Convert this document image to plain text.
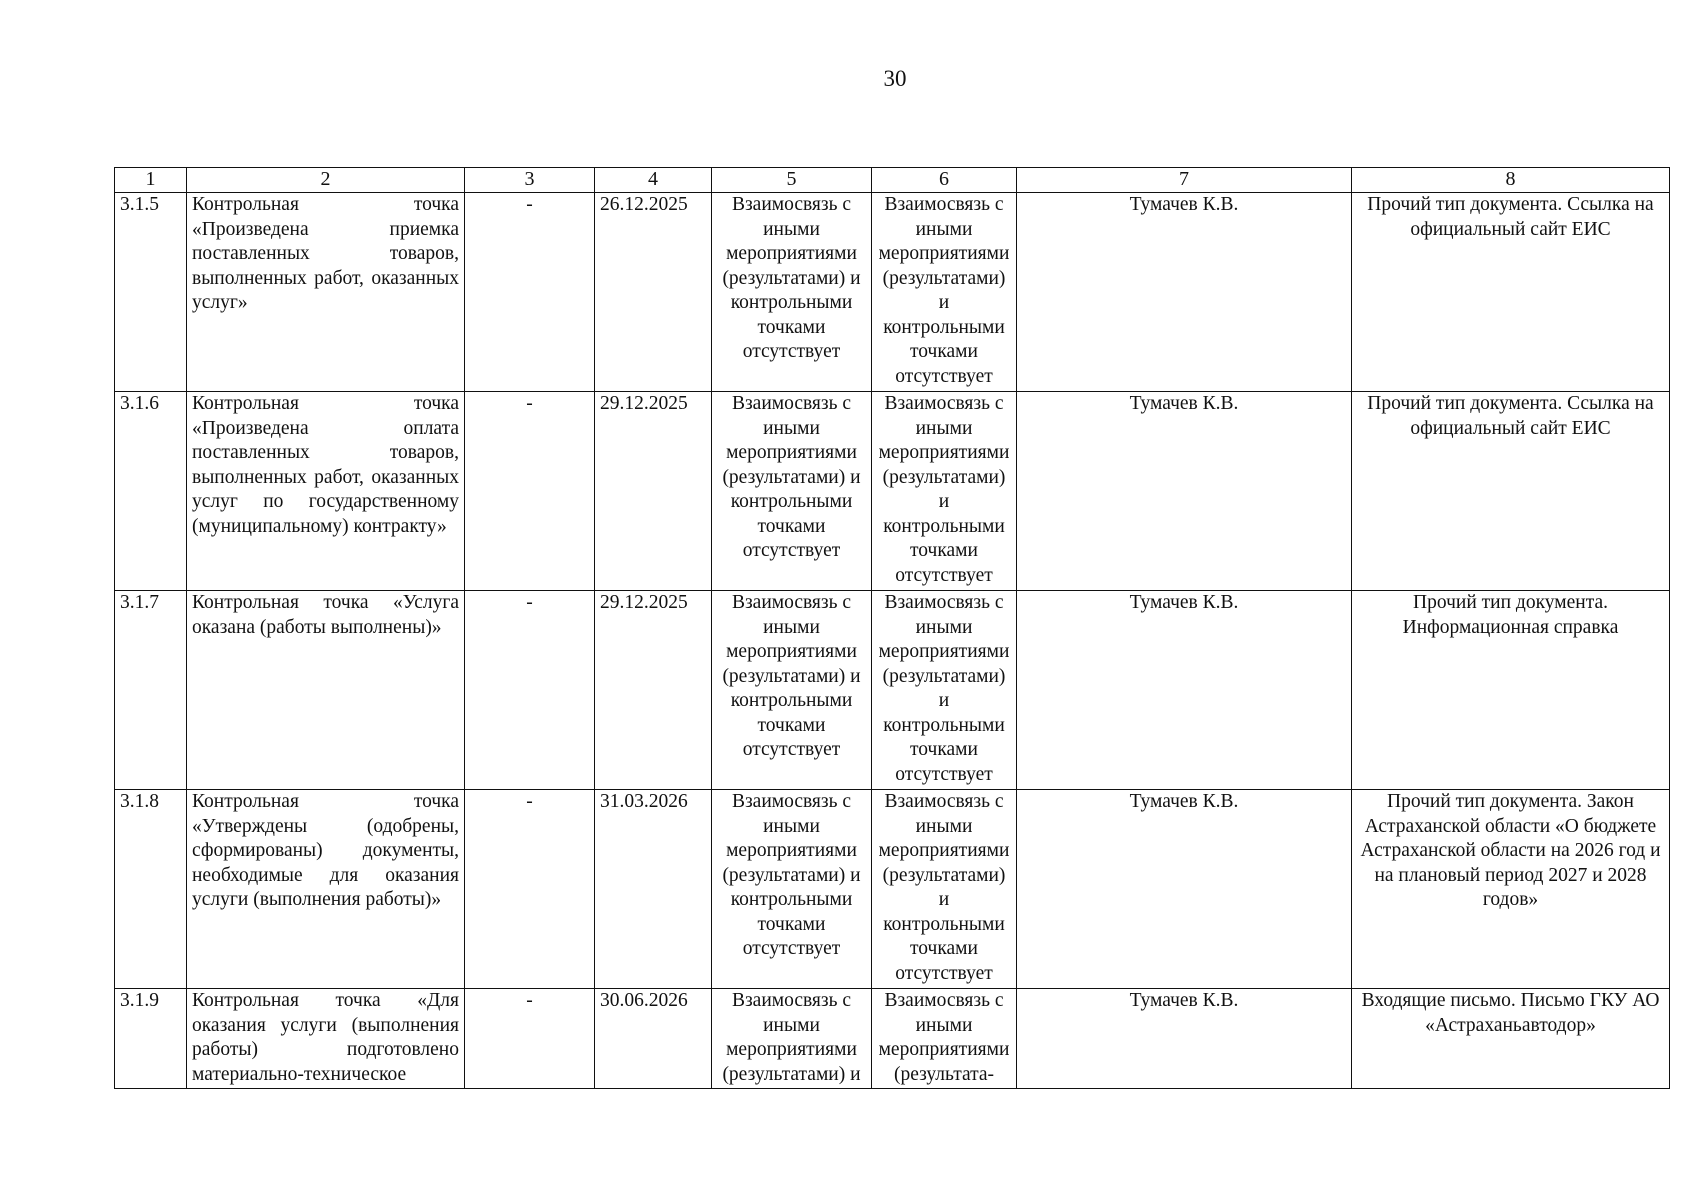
30
1	2	3	4	5	6	7	8
3.1.5	Контрольная точка «Произведена приемка поставленных товаров, выполненных работ, оказанных услуг»	-	26.12.2025	Взаимосвязь с иными мероприятиями (результатами) и контрольными точками отсутствует	Взаимосвязь с иными мероприятиями (результатами) и контрольными точками отсутствует	Тумачев К.В.	Прочий тип документа. Ссылка на официальный сайт ЕИС
3.1.6	Контрольная точка «Произведена оплата поставленных товаров, выполненных работ, оказанных услуг по государственному (муниципальному) контракту»	-	29.12.2025	Взаимосвязь с иными мероприятиями (результатами) и контрольными точками отсутствует	Взаимосвязь с иными мероприятиями (результатами) и контрольными точками отсутствует	Тумачев К.В.	Прочий тип документа. Ссылка на официальный сайт ЕИС
3.1.7	Контрольная точка «Услуга оказана (работы выполнены)»	-	29.12.2025	Взаимосвязь с иными мероприятиями (результатами) и контрольными точками отсутствует	Взаимосвязь с иными мероприятиями (результатами) и контрольными точками отсутствует	Тумачев К.В.	Прочий тип документа. Информационная справка
3.1.8	Контрольная точка «Утверждены (одобрены, сформированы) документы, необходимые для оказания услуги (выполнения работы)»	-	31.03.2026	Взаимосвязь с иными мероприятиями (результатами) и контрольными точками отсутствует	Взаимосвязь с иными мероприятиями (результатами) и контрольными точками отсутствует	Тумачев К.В.	Прочий тип документа. Закон Астраханской области «О бюджете Астраханской области на 2026 год и на плановый период 2027 и 2028 годов»
3.1.9	Контрольная точка «Для оказания услуги (выполнения работы) подготовлено материально-техническое	-	30.06.2026	Взаимосвязь с иными мероприятиями (результатами) и	Взаимосвязь с иными мероприятиями (результата-	Тумачев К.В.	Входящие письмо. Письмо ГКУ АО «Астраханьавтодор»
